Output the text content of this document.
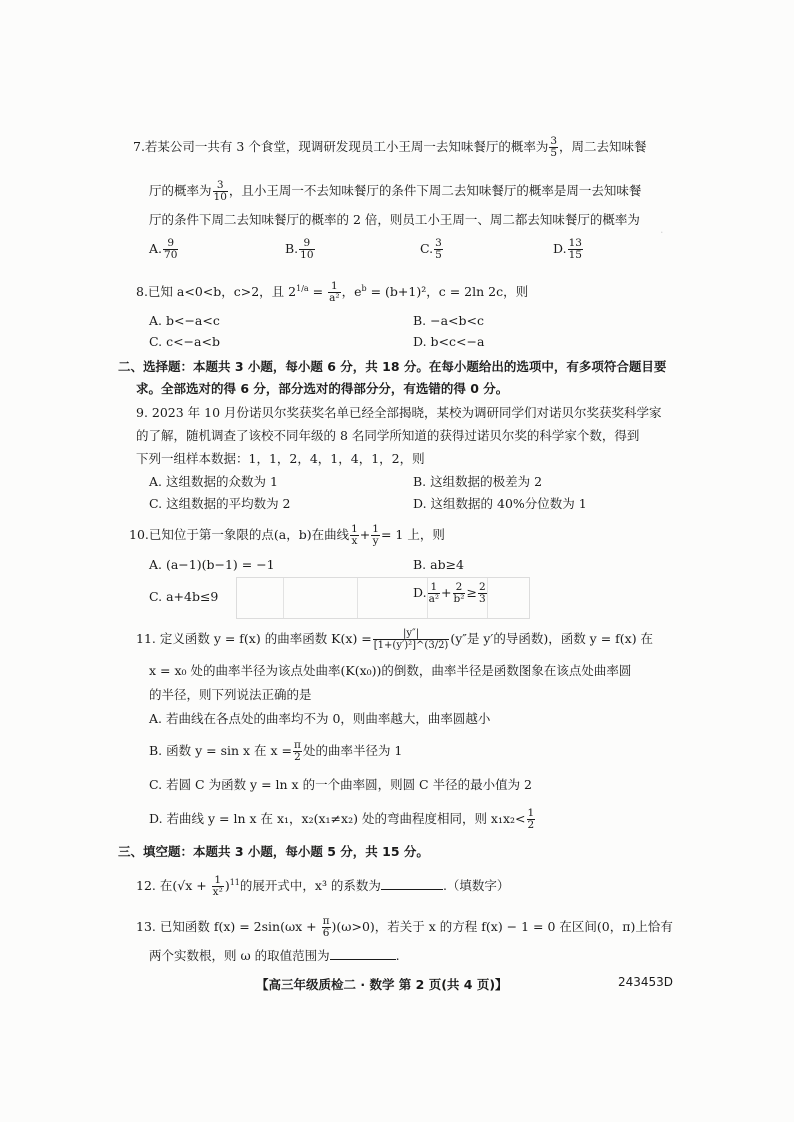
·
7.若某公司一共有 3 个食堂，现调研发现员工小王周一去知味餐厅的概率为 $\frac{3}{5}$ ，周二去知味餐
厅的概率为 $\frac{3}{10}$ ，且小王周一不去知味餐厅的条件下周二去知味餐厅的概率是周一去知味餐
厅的条件下周二去知味餐厅的概率的 2 倍，则员工小王周一、周二都去知味餐厅的概率为
A. $\frac{9}{70}$	B. $\frac{9}{10}$	C. $\frac{3}{5}$	D. $\frac{13}{15}$
8.已知 a<0<b，c>2，且 $2^{1/a} = \frac{1}{\text{a²}}$ ，$e^b = (b+1)^2$，c = 2ln 2c，则
A. b<−a<c	B. −a<b<c
C. c<−a<b	D. b<c<−a
二、选择题：本题共 3 小题，每小题 6 分，共 18 分。在每小题给出的选项中，有多项符合题目要
求。全部选对的得 6 分，部分选对的得部分分，有选错的得 0 分。
9. 2023 年 10 月份诺贝尔奖获奖名单已经全部揭晓，某校为调研同学们对诺贝尔奖获奖科学家
的了解，随机调查了该校不同年级的 8 名同学所知道的获得过诺贝尔奖的科学家个数，得到
下列一组样本数据：1，1，2，4，1，4，1，2，则
A. 这组数据的众数为 1	B. 这组数据的极差为 2
C. 这组数据的平均数为 2	D. 这组数据的 40%分位数为 1
10.已知位于第一象限的点(a，b)在曲线 $\frac{1}{x} + \frac{1}{y} = 1$ 上，则
A. (a−1)(b−1) = −1	B. ab≥4
C. a+4b≤9	D. $\frac{1}{\text{a²}} + \frac{2}{\text{b²}} \ge \frac{2}{3}$
11. 定义函数 y = f(x) 的曲率函数 $K(x) = \frac{|y''|}{\text{[1+(y′)²]\textasciicircum{}(3/2)}} (y''$是 y′的导函数)，函数 y = f(x) 在
x = x₀ 处的曲率半径为该点处曲率(K(x₀))的倒数，曲率半径是函数图象在该点处曲率圆
的半径，则下列说法正确的是
A. 若曲线在各点处的曲率均不为 0，则曲率越大，曲率圆越小
B. 函数 y = sin x 在 $x = \frac{\pi}{2}$ 处的曲率半径为 1
C. 若圆 C 为函数 y = ln x 的一个曲率圆，则圆 C 半径的最小值为 2
D. 若曲线 y = ln x 在 x₁，x₂(x₁≠x₂) 处的弯曲程度相同，则 $x_1x_2< \frac{1}{2}$
三、填空题：本题共 3 小题，每小题 5 分，共 15 分。
12. 在$(√x + \frac{1}{\text{x²}} )^{11}$的展开式中，x³ 的系数为	.（填数字）
13. 已知函数 $f(x) = 2\sin(\omega x + \frac{\pi}{6} )(\omega>0)$，若关于 x 的方程 f(x) − 1 = 0 在区间(0，π)上恰有
两个实数根，则 ω 的取值范围为	.
【高三年级质检二 · 数学 第 2 页(共 4 页)】	243453D
